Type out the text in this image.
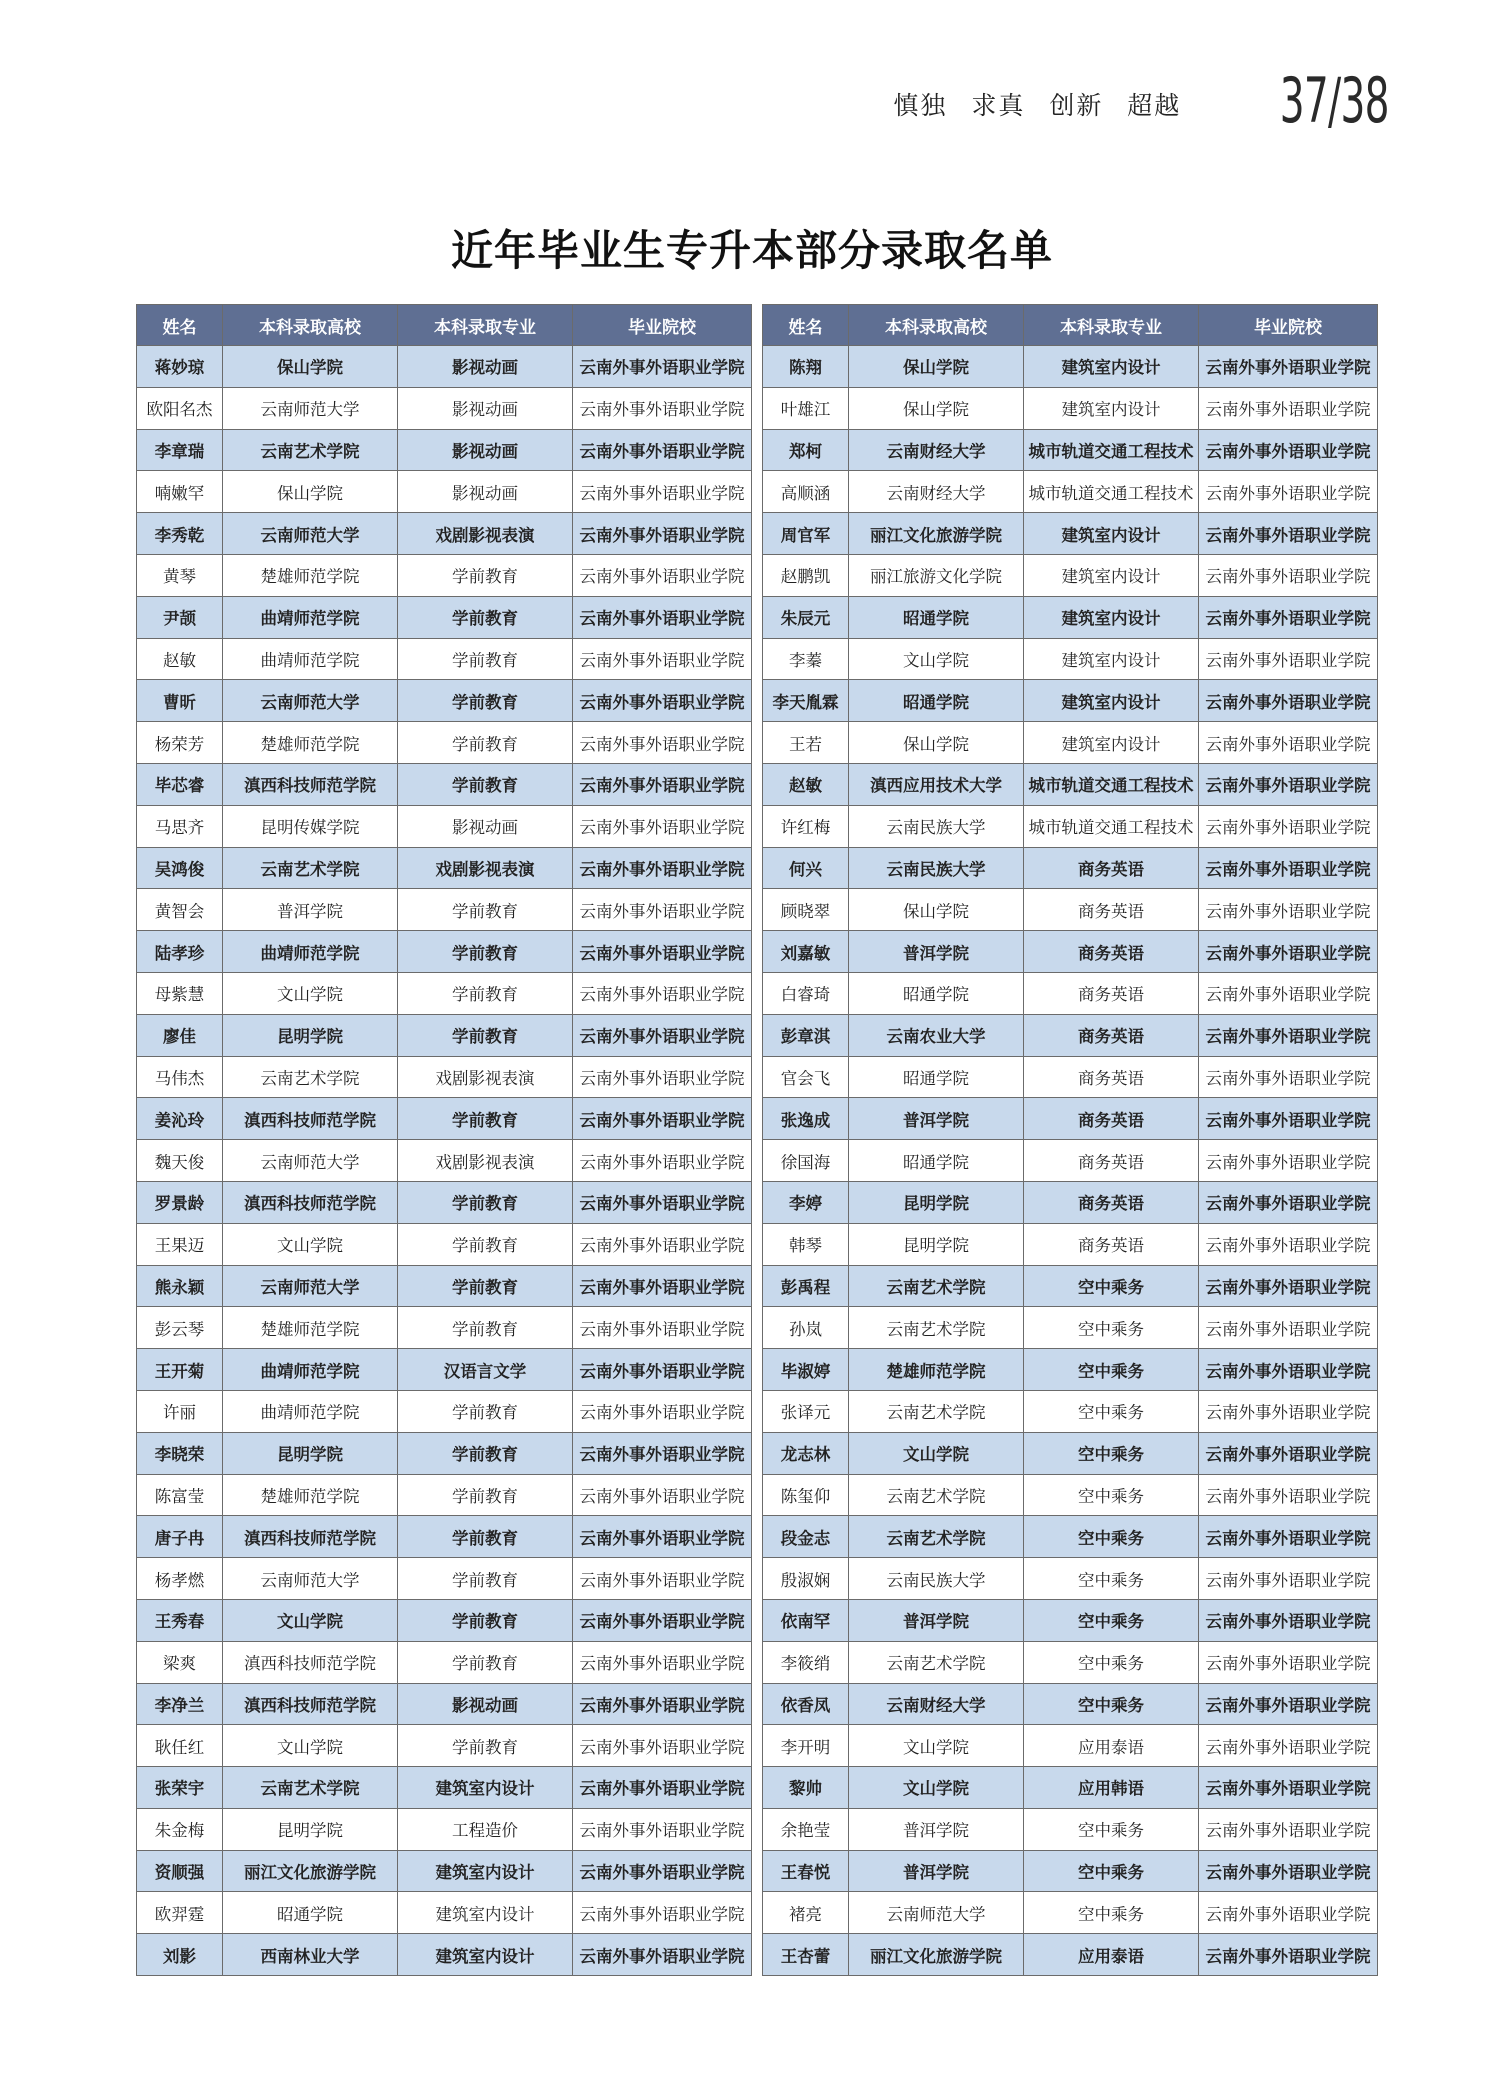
慎独 求真 创新 超越 37/38
近年毕业生专升本部分录取名单
姓名	本科录取高校	本科录取专业	毕业院校
蒋妙琼	保山学院	影视动画	云南外事外语职业学院
欧阳名杰	云南师范大学	影视动画	云南外事外语职业学院
李章瑞	云南艺术学院	影视动画	云南外事外语职业学院
喃嫩罕	保山学院	影视动画	云南外事外语职业学院
李秀乾	云南师范大学	戏剧影视表演	云南外事外语职业学院
黄琴	楚雄师范学院	学前教育	云南外事外语职业学院
尹颉	曲靖师范学院	学前教育	云南外事外语职业学院
赵敏	曲靖师范学院	学前教育	云南外事外语职业学院
曹昕	云南师范大学	学前教育	云南外事外语职业学院
杨荣芳	楚雄师范学院	学前教育	云南外事外语职业学院
毕芯睿	滇西科技师范学院	学前教育	云南外事外语职业学院
马思齐	昆明传媒学院	影视动画	云南外事外语职业学院
吴鸿俊	云南艺术学院	戏剧影视表演	云南外事外语职业学院
黄智会	普洱学院	学前教育	云南外事外语职业学院
陆孝珍	曲靖师范学院	学前教育	云南外事外语职业学院
母紫慧	文山学院	学前教育	云南外事外语职业学院
廖佳	昆明学院	学前教育	云南外事外语职业学院
马伟杰	云南艺术学院	戏剧影视表演	云南外事外语职业学院
姜沁玲	滇西科技师范学院	学前教育	云南外事外语职业学院
魏天俊	云南师范大学	戏剧影视表演	云南外事外语职业学院
罗景龄	滇西科技师范学院	学前教育	云南外事外语职业学院
王果迈	文山学院	学前教育	云南外事外语职业学院
熊永颖	云南师范大学	学前教育	云南外事外语职业学院
彭云琴	楚雄师范学院	学前教育	云南外事外语职业学院
王开菊	曲靖师范学院	汉语言文学	云南外事外语职业学院
许丽	曲靖师范学院	学前教育	云南外事外语职业学院
李晓荣	昆明学院	学前教育	云南外事外语职业学院
陈富莹	楚雄师范学院	学前教育	云南外事外语职业学院
唐子冉	滇西科技师范学院	学前教育	云南外事外语职业学院
杨孝燃	云南师范大学	学前教育	云南外事外语职业学院
王秀春	文山学院	学前教育	云南外事外语职业学院
梁爽	滇西科技师范学院	学前教育	云南外事外语职业学院
李净兰	滇西科技师范学院	影视动画	云南外事外语职业学院
耿任红	文山学院	学前教育	云南外事外语职业学院
张荣宇	云南艺术学院	建筑室内设计	云南外事外语职业学院
朱金梅	昆明学院	工程造价	云南外事外语职业学院
资顺强	丽江文化旅游学院	建筑室内设计	云南外事外语职业学院
欧羿霆	昭通学院	建筑室内设计	云南外事外语职业学院
刘影	西南林业大学	建筑室内设计	云南外事外语职业学院
姓名	本科录取高校	本科录取专业	毕业院校
陈翔	保山学院	建筑室内设计	云南外事外语职业学院
叶雄江	保山学院	建筑室内设计	云南外事外语职业学院
郑柯	云南财经大学	城市轨道交通工程技术	云南外事外语职业学院
高顺涵	云南财经大学	城市轨道交通工程技术	云南外事外语职业学院
周官军	丽江文化旅游学院	建筑室内设计	云南外事外语职业学院
赵鹏凯	丽江旅游文化学院	建筑室内设计	云南外事外语职业学院
朱辰元	昭通学院	建筑室内设计	云南外事外语职业学院
李蓁	文山学院	建筑室内设计	云南外事外语职业学院
李天胤霖	昭通学院	建筑室内设计	云南外事外语职业学院
王若	保山学院	建筑室内设计	云南外事外语职业学院
赵敏	滇西应用技术大学	城市轨道交通工程技术	云南外事外语职业学院
许红梅	云南民族大学	城市轨道交通工程技术	云南外事外语职业学院
何兴	云南民族大学	商务英语	云南外事外语职业学院
顾晓翠	保山学院	商务英语	云南外事外语职业学院
刘嘉敏	普洱学院	商务英语	云南外事外语职业学院
白睿琦	昭通学院	商务英语	云南外事外语职业学院
彭章淇	云南农业大学	商务英语	云南外事外语职业学院
官会飞	昭通学院	商务英语	云南外事外语职业学院
张逸成	普洱学院	商务英语	云南外事外语职业学院
徐国海	昭通学院	商务英语	云南外事外语职业学院
李婷	昆明学院	商务英语	云南外事外语职业学院
韩琴	昆明学院	商务英语	云南外事外语职业学院
彭禹程	云南艺术学院	空中乘务	云南外事外语职业学院
孙岚	云南艺术学院	空中乘务	云南外事外语职业学院
毕淑婷	楚雄师范学院	空中乘务	云南外事外语职业学院
张译元	云南艺术学院	空中乘务	云南外事外语职业学院
龙志林	文山学院	空中乘务	云南外事外语职业学院
陈玺仰	云南艺术学院	空中乘务	云南外事外语职业学院
段金志	云南艺术学院	空中乘务	云南外事外语职业学院
殷淑娴	云南民族大学	空中乘务	云南外事外语职业学院
依南罕	普洱学院	空中乘务	云南外事外语职业学院
李筱绡	云南艺术学院	空中乘务	云南外事外语职业学院
依香凤	云南财经大学	空中乘务	云南外事外语职业学院
李开明	文山学院	应用泰语	云南外事外语职业学院
黎帅	文山学院	应用韩语	云南外事外语职业学院
余艳莹	普洱学院	空中乘务	云南外事外语职业学院
王春悦	普洱学院	空中乘务	云南外事外语职业学院
褚亮	云南师范大学	空中乘务	云南外事外语职业学院
王杏蕾	丽江文化旅游学院	应用泰语	云南外事外语职业学院
